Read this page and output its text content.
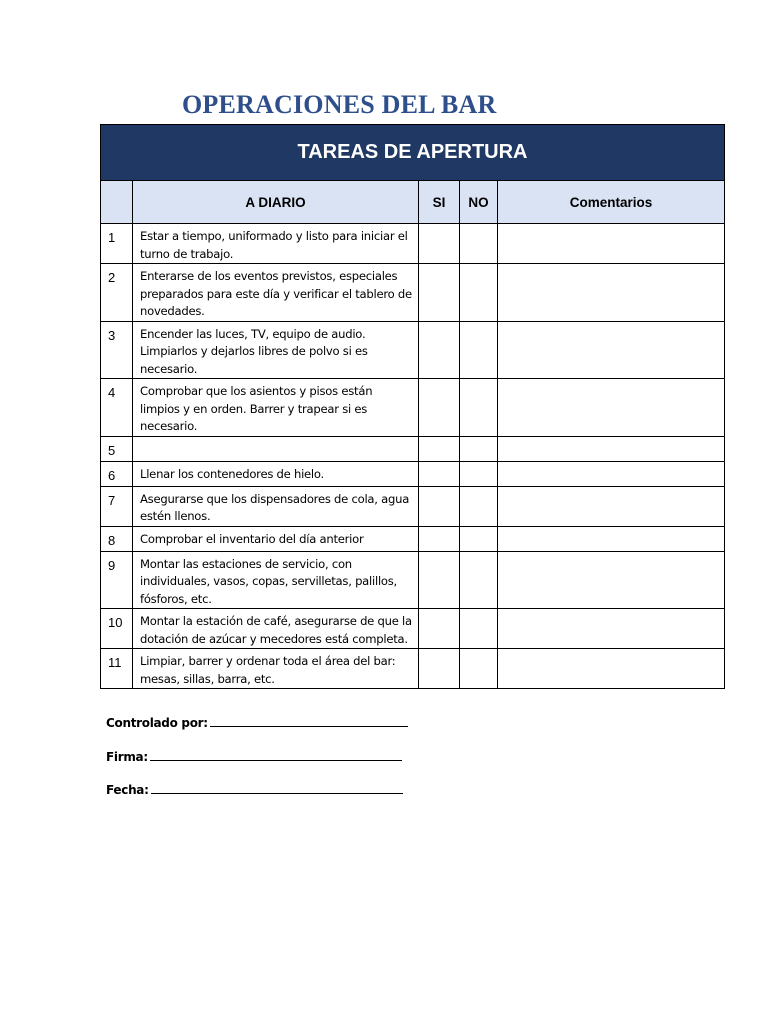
OPERACIONES DEL BAR
TAREAS DE APERTURA				
	A DIARIO	SI	NO	Comentarios
1	Estar a tiempo, uniformado y listo para iniciar el turno de trabajo.			
2	Enterarse de los eventos previstos, especiales preparados para este día y verificar el tablero de novedades.			
3	Encender las luces, TV, equipo de audio. Limpiarlos y dejarlos libres de polvo si es necesario.			
4	Comprobar que los asientos y pisos están limpios y en orden. Barrer y trapear si es necesario.			
5				
6	Llenar los contenedores de hielo.			
7	Asegurarse que los dispensadores de cola, agua estén llenos.			
8	Comprobar el inventario del día anterior			
9	Montar las estaciones de servicio, con individuales, vasos, copas, servilletas, palillos, fósforos, etc.			
10	Montar la estación de café, asegurarse de que la dotación de azúcar y mecedores está completa.			
11	Limpiar, barrer y ordenar toda el área del bar: mesas, sillas, barra, etc.			
Controlado por:
Firma:
Fecha:
